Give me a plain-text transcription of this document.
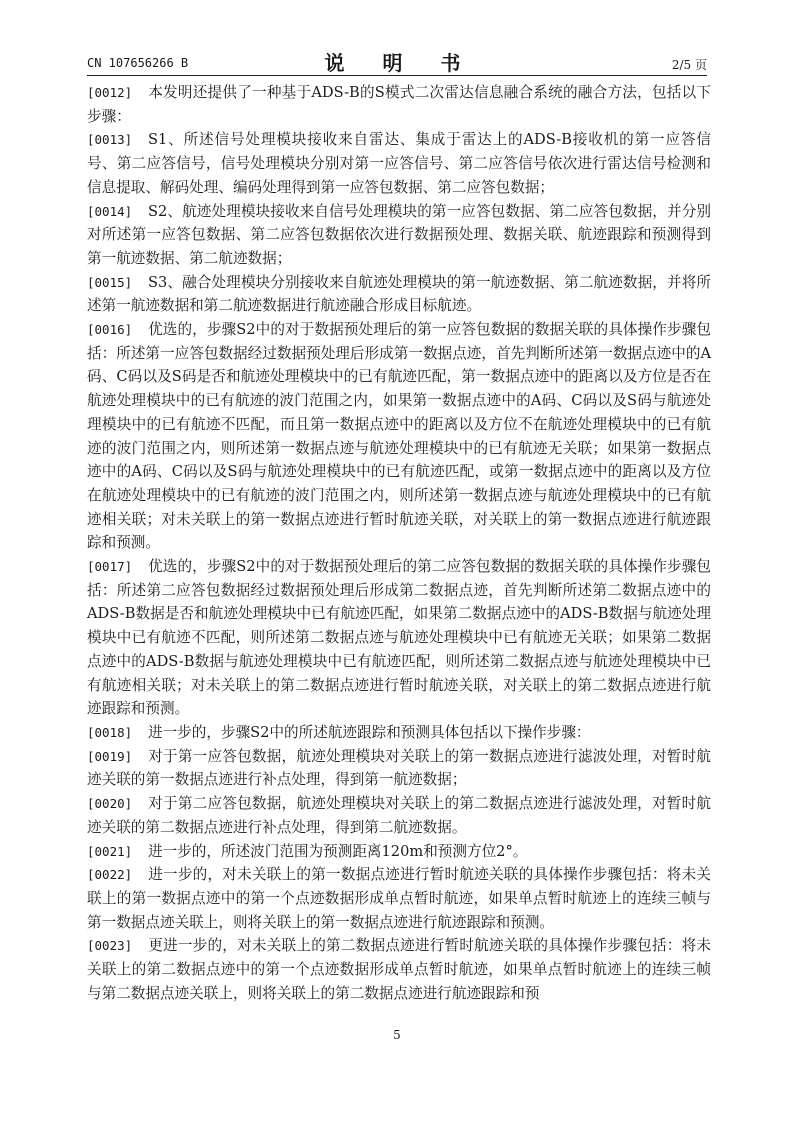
CN 107656266 B	说　明　书	2/5 页

[0012] 本发明还提供了一种基于ADS-B的S模式二次雷达信息融合系统的融合方法，包括以下步骤：

[0013] S1、所述信号处理模块接收来自雷达、集成于雷达上的ADS-B接收机的第一应答信号、第二应答信号，信号处理模块分别对第一应答信号、第二应答信号依次进行雷达信号检测和信息提取、解码处理、编码处理得到第一应答包数据、第二应答包数据；

[0014] S2、航迹处理模块接收来自信号处理模块的第一应答包数据、第二应答包数据，并分别对所述第一应答包数据、第二应答包数据依次进行数据预处理、数据关联、航迹跟踪和预测得到第一航迹数据、第二航迹数据；

[0015] S3、融合处理模块分别接收来自航迹处理模块的第一航迹数据、第二航迹数据，并将所述第一航迹数据和第二航迹数据进行航迹融合形成目标航迹。

[0016] 优选的，步骤S2中的对于数据预处理后的第一应答包数据的数据关联的具体操作步骤包括：所述第一应答包数据经过数据预处理后形成第一数据点迹，首先判断所述第一数据点迹中的A码、C码以及S码是否和航迹处理模块中的已有航迹匹配，第一数据点迹中的距离以及方位是否在航迹处理模块中的已有航迹的波门范围之内，如果第一数据点迹中的A码、C码以及S码与航迹处理模块中的已有航迹不匹配，而且第一数据点迹中的距离以及方位不在航迹处理模块中的已有航迹的波门范围之内，则所述第一数据点迹与航迹处理模块中的已有航迹无关联；如果第一数据点迹中的A码、C码以及S码与航迹处理模块中的已有航迹匹配，或第一数据点迹中的距离以及方位在航迹处理模块中的已有航迹的波门范围之内，则所述第一数据点迹与航迹处理模块中的已有航迹相关联；对未关联上的第一数据点迹进行暂时航迹关联，对关联上的第一数据点迹进行航迹跟踪和预测。

[0017] 优选的，步骤S2中的对于数据预处理后的第二应答包数据的数据关联的具体操作步骤包括：所述第二应答包数据经过数据预处理后形成第二数据点迹，首先判断所述第二数据点迹中的ADS-B数据是否和航迹处理模块中已有航迹匹配，如果第二数据点迹中的ADS-B数据与航迹处理模块中已有航迹不匹配，则所述第二数据点迹与航迹处理模块中已有航迹无关联；如果第二数据点迹中的ADS-B数据与航迹处理模块中已有航迹匹配，则所述第二数据点迹与航迹处理模块中已有航迹相关联；对未关联上的第二数据点迹进行暂时航迹关联，对关联上的第二数据点迹进行航迹跟踪和预测。

[0018] 进一步的，步骤S2中的所述航迹跟踪和预测具体包括以下操作步骤：

[0019] 对于第一应答包数据，航迹处理模块对关联上的第一数据点迹进行滤波处理，对暂时航迹关联的第一数据点迹进行补点处理，得到第一航迹数据；

[0020] 对于第二应答包数据，航迹处理模块对关联上的第二数据点迹进行滤波处理，对暂时航迹关联的第二数据点迹进行补点处理，得到第二航迹数据。

[0021] 进一步的，所述波门范围为预测距离120m和预测方位2°。

[0022] 进一步的，对未关联上的第一数据点迹进行暂时航迹关联的具体操作步骤包括：将未关联上的第一数据点迹中的第一个点迹数据形成单点暂时航迹，如果单点暂时航迹上的连续三帧与第一数据点迹关联上，则将关联上的第一数据点迹进行航迹跟踪和预测。

[0023] 更进一步的，对未关联上的第二数据点迹进行暂时航迹关联的具体操作步骤包括：将未关联上的第二数据点迹中的第一个点迹数据形成单点暂时航迹，如果单点暂时航迹上的连续三帧与第二数据点迹关联上，则将关联上的第二数据点迹进行航迹跟踪和预

5
